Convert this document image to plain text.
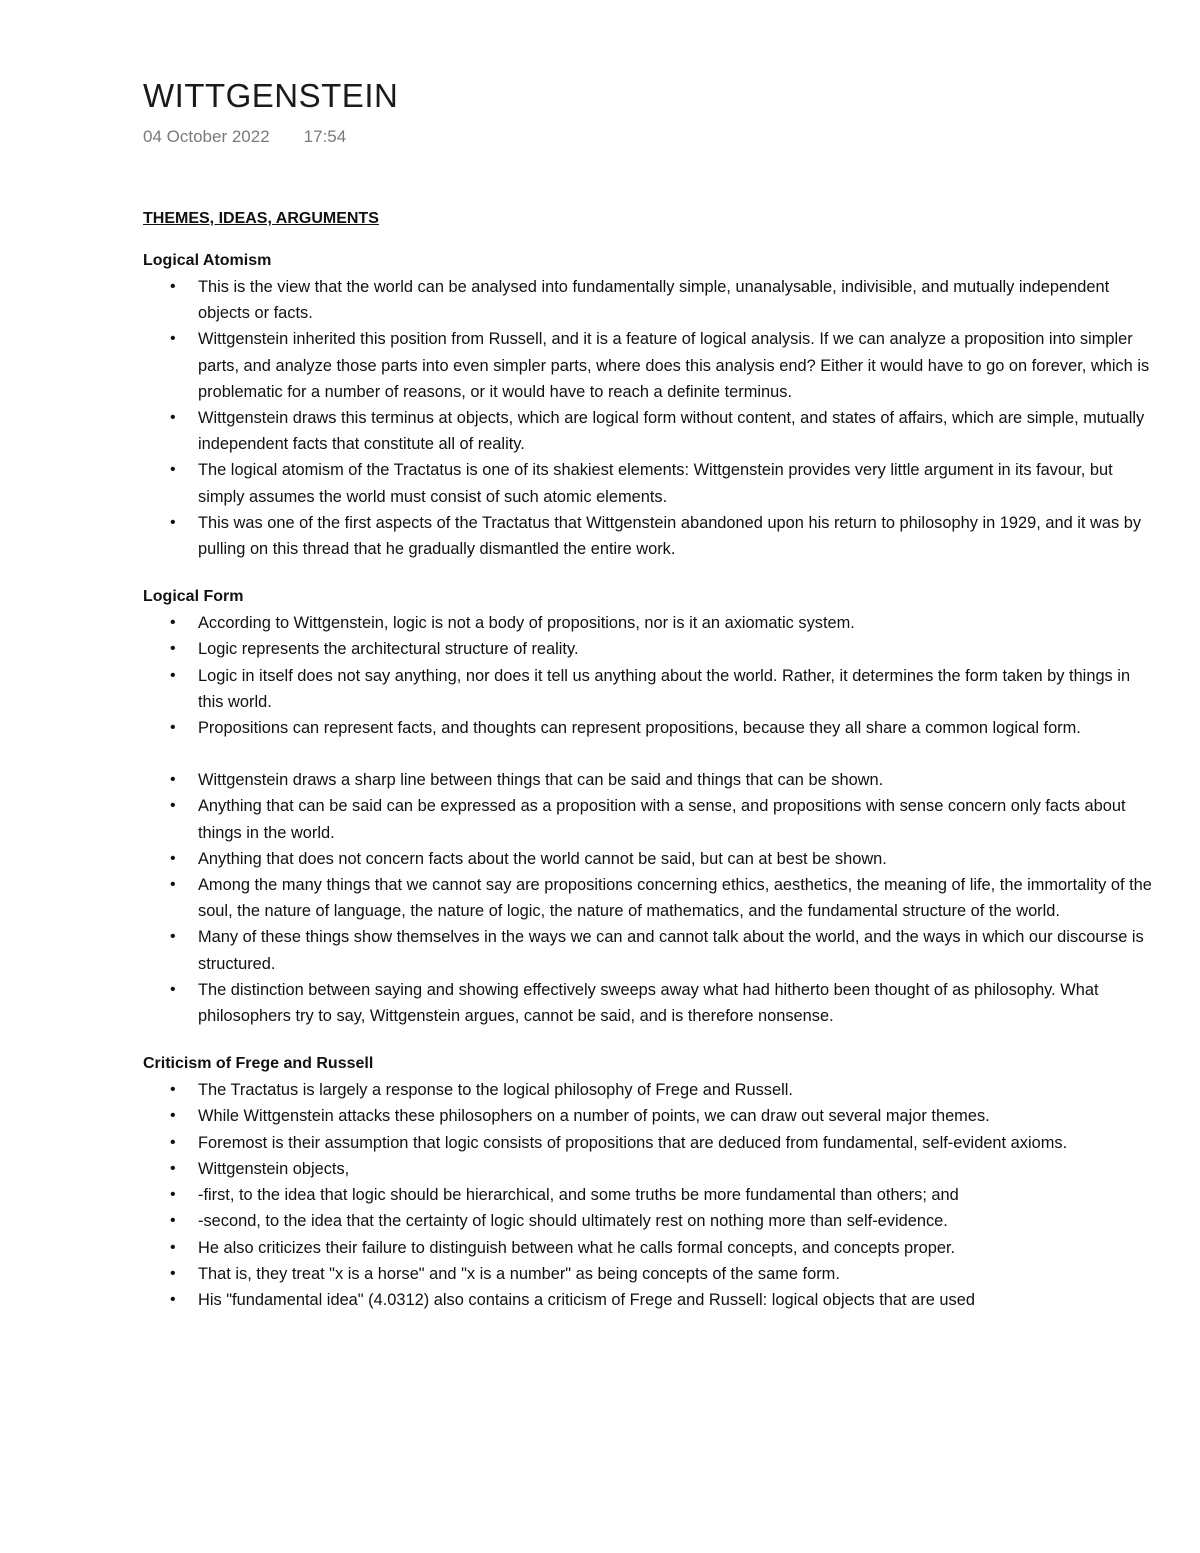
WITTGENSTEIN
04 October 2022 17:54
THEMES, IDEAS, ARGUMENTS
Logical Atomism
• This is the view that the world can be analysed into fundamentally simple, unanalysable, indivisible, and mutually independent objects or facts.
• Wittgenstein inherited this position from Russell, and it is a feature of logical analysis. If we can analyze a proposition into simpler parts, and analyze those parts into even simpler parts, where does this analysis end? Either it would have to go on forever, which is problematic for a number of reasons, or it would have to reach a definite terminus.
• Wittgenstein draws this terminus at objects, which are logical form without content, and states of affairs, which are simple, mutually independent facts that constitute all of reality.
• The logical atomism of the Tractatus is one of its shakiest elements: Wittgenstein provides very little argument in its favour, but simply assumes the world must consist of such atomic elements.
• This was one of the first aspects of the Tractatus that Wittgenstein abandoned upon his return to philosophy in 1929, and it was by pulling on this thread that he gradually dismantled the entire work.
Logical Form
• According to Wittgenstein, logic is not a body of propositions, nor is it an axiomatic system.
• Logic represents the architectural structure of reality.
• Logic in itself does not say anything, nor does it tell us anything about the world. Rather, it determines the form taken by things in this world.
• Propositions can represent facts, and thoughts can represent propositions, because they all share a common logical form.
• Wittgenstein draws a sharp line between things that can be said and things that can be shown.
• Anything that can be said can be expressed as a proposition with a sense, and propositions with sense concern only facts about things in the world.
• Anything that does not concern facts about the world cannot be said, but can at best be shown.
• Among the many things that we cannot say are propositions concerning ethics, aesthetics, the meaning of life, the immortality of the soul, the nature of language, the nature of logic, the nature of mathematics, and the fundamental structure of the world.
• Many of these things show themselves in the ways we can and cannot talk about the world, and the ways in which our discourse is structured.
• The distinction between saying and showing effectively sweeps away what had hitherto been thought of as philosophy. What philosophers try to say, Wittgenstein argues, cannot be said, and is therefore nonsense.
Criticism of Frege and Russell
• The Tractatus is largely a response to the logical philosophy of Frege and Russell.
• While Wittgenstein attacks these philosophers on a number of points, we can draw out several major themes.
• Foremost is their assumption that logic consists of propositions that are deduced from fundamental, self-evident axioms.
• Wittgenstein objects,
• -first, to the idea that logic should be hierarchical, and some truths be more fundamental than others; and
• -second, to the idea that the certainty of logic should ultimately rest on nothing more than self-evidence.
• He also criticizes their failure to distinguish between what he calls formal concepts, and concepts proper.
• That is, they treat "x is a horse" and "x is a number" as being concepts of the same form.
• His "fundamental idea" (4.0312) also contains a criticism of Frege and Russell: logical objects that are used
